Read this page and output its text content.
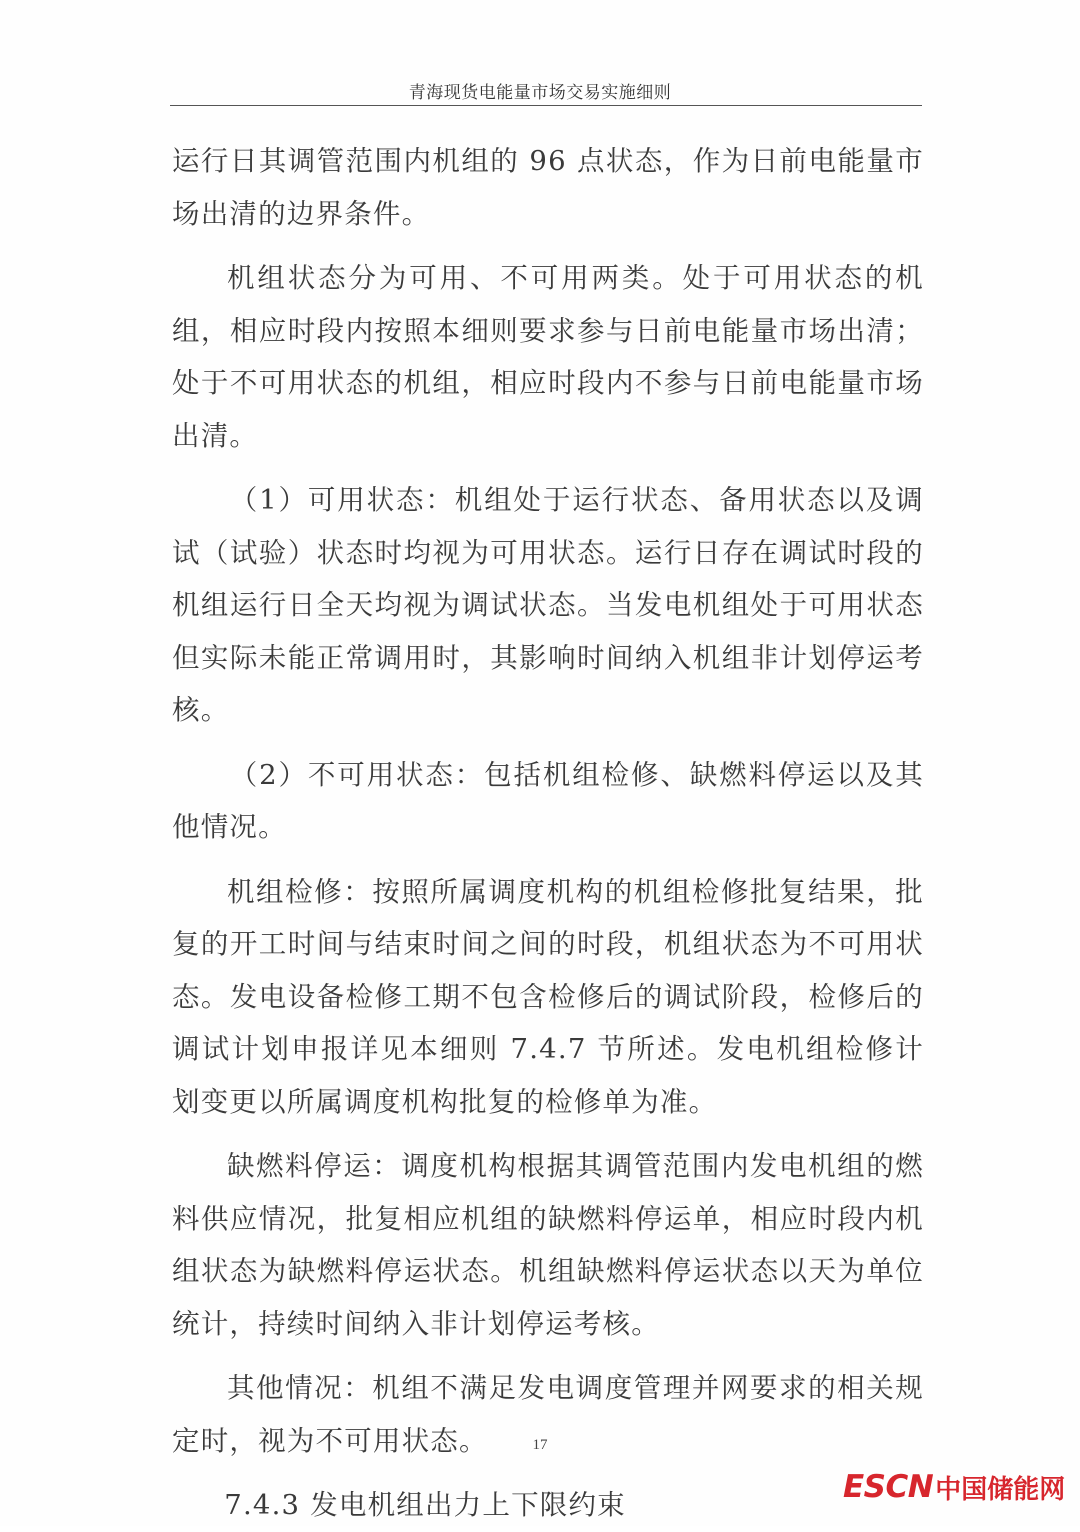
青海现货电能量市场交易实施细则

运行日其调管范围内机组的 96 点状态，作为日前电能量市场出清的边界条件。

机组状态分为可用、不可用两类。处于可用状态的机组，相应时段内按照本细则要求参与日前电能量市场出清；处于不可用状态的机组，相应时段内不参与日前电能量市场出清。

（1）可用状态：机组处于运行状态、备用状态以及调试（试验）状态时均视为可用状态。运行日存在调试时段的机组运行日全天均视为调试状态。当发电机组处于可用状态但实际未能正常调用时，其影响时间纳入机组非计划停运考核。

（2）不可用状态：包括机组检修、缺燃料停运以及其他情况。

机组检修：按照所属调度机构的机组检修批复结果，批复的开工时间与结束时间之间的时段，机组状态为不可用状态。发电设备检修工期不包含检修后的调试阶段，检修后的调试计划申报详见本细则 7.4.7 节所述。发电机组检修计划变更以所属调度机构批复的检修单为准。

缺燃料停运：调度机构根据其调管范围内发电机组的燃料供应情况，批复相应机组的缺燃料停运单，相应时段内机组状态为缺燃料停运状态。机组缺燃料停运状态以天为单位统计，持续时间纳入非计划停运考核。

其他情况：机组不满足发电调度管理并网要求的相关规定时，视为不可用状态。

7.4.3 发电机组出力上下限约束

17
ESCN 中国储能网
